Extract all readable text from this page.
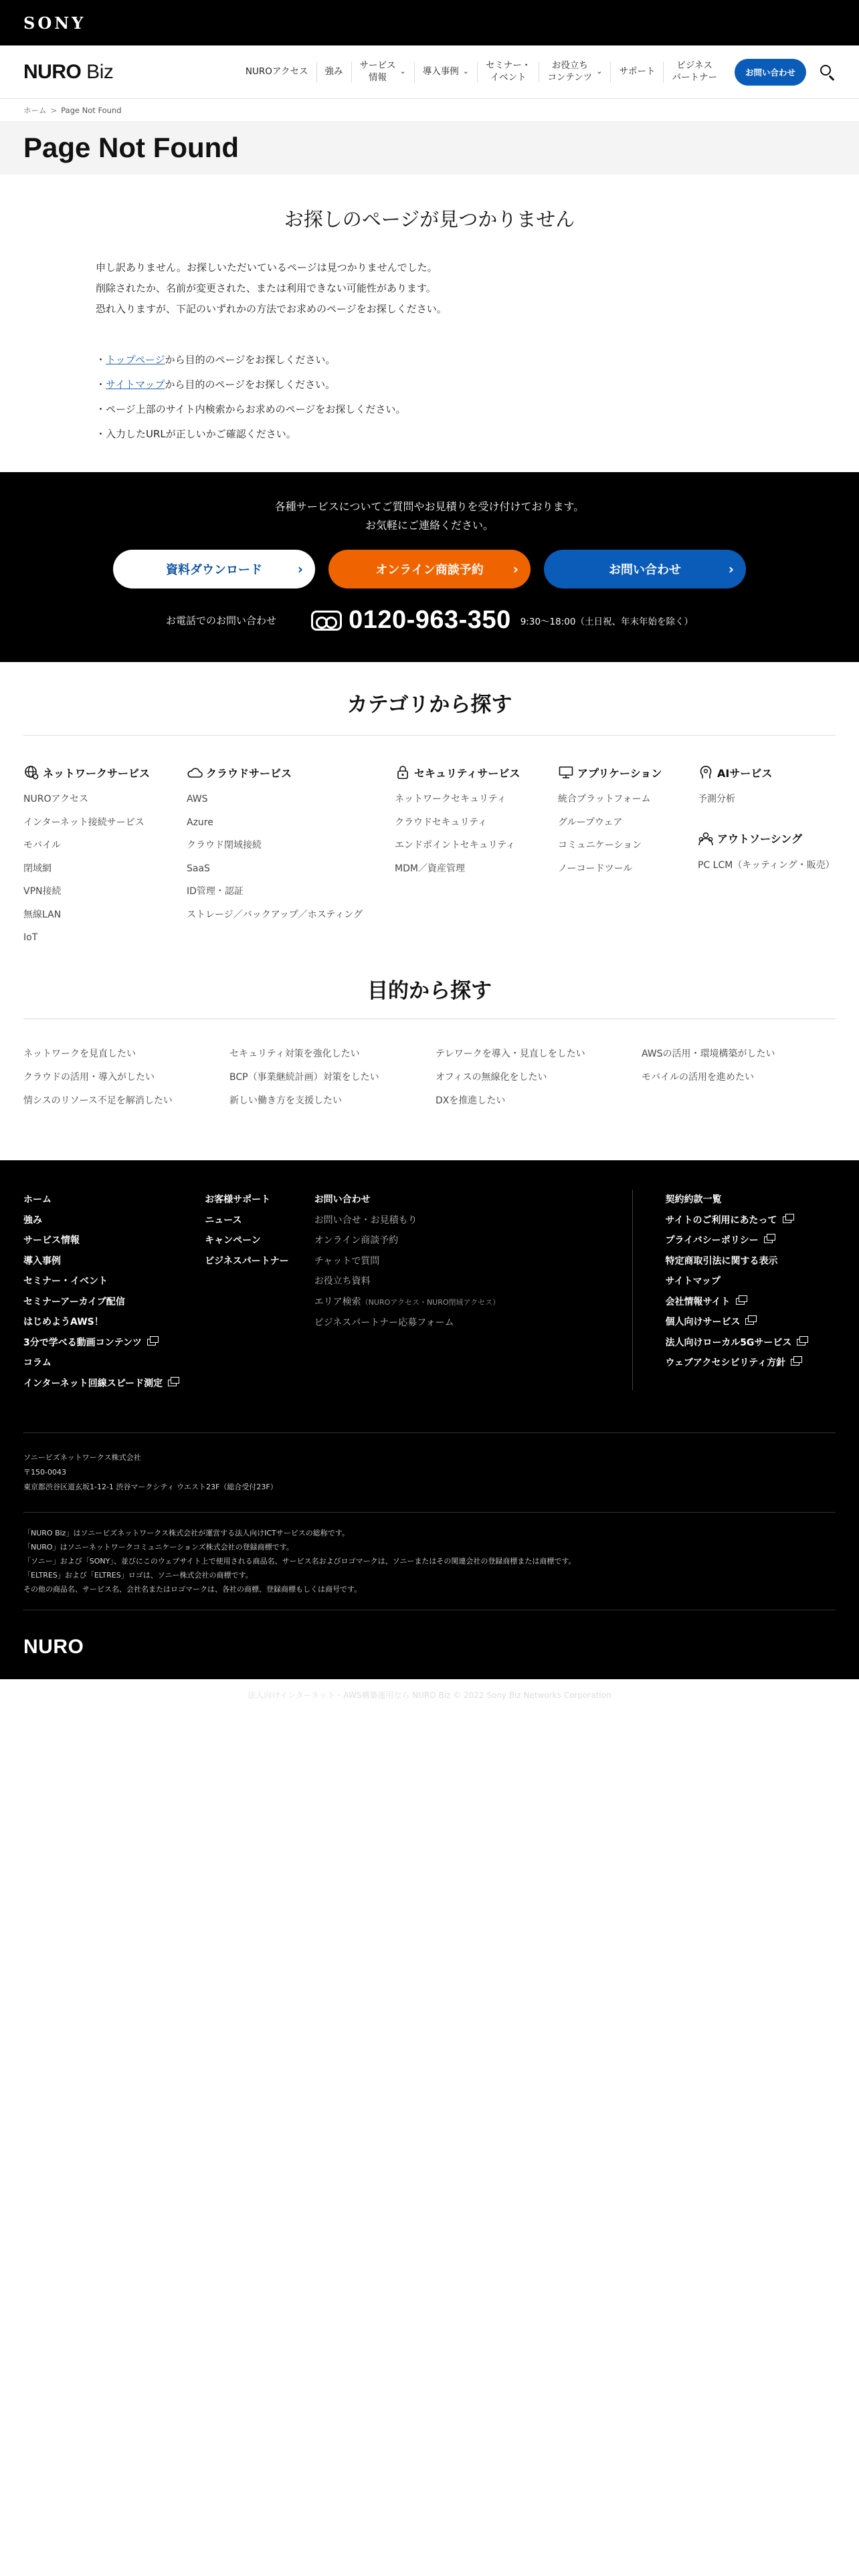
SONY
NURO Biz	NUROアクセス 強み
サービス
情報
⌄ 導入事例 ⌄
セミナー・
イベント
お役立ち
コンテンツ
⌄ サポート
ビジネス
パートナー	お問い合わせ
ホーム > Page Not Found
Page Not Found
お探しのページが見つかりません

申し訳ありません。お探しいただいているページは見つかりませんでした。

削除されたか、名前が変更された、または利用できない可能性があります。

恐れ入りますが、下記のいずれかの方法でお求めのページをお探しください。

・トップページから目的のページをお探しください。
・サイトマップから目的のページをお探しください。
・ページ上部のサイト内検索からお求めのページをお探しください。
・入力したURLが正しいかご確認ください。
各種サービスについてご質問やお見積りを受け付けております。
お気軽にご連絡ください。
資料ダウンロード	›	オンライン商談予約 ›	お問い合わせ	›
お電話でのお問い合わせ	0120-963-350 9:30〜18:00（土日祝、年末年始を除く）
カテゴリから探す
ネットワークサービス
NUROアクセス
インターネット接続サービス
モバイル
閉域網
VPN接続
無線LAN
IoT
クラウドサービス
AWS
Azure
クラウド閉域接続
SaaS
ID管理・認証
ストレージ／バックアップ／ホスティング
セキュリティサービス
ネットワークセキュリティ
クラウドセキュリティ
エンドポイントセキュリティ
MDM／資産管理
アプリケーション
統合プラットフォーム
グループウェア
コミュニケーション
ノーコードツール
AIサービス
予測分析
アウトソーシング
PC LCM（キッティング・販売）
目的から探す
ネットワークを見直したい	セキュリティ対策を強化したい	テレワークを導入・見直しをしたい	AWSの活用・環境構築がしたい
クラウドの活用・導入がしたい	BCP（事業継続計画）対策をしたい	オフィスの無線化をしたい	モバイルの活用を進めたい
情シスのリソース不足を解消したい	新しい働き方を支援したい	DXを推進したい
ホーム
強み
サービス情報
導入事例
セミナー・イベント
セミナーアーカイブ配信
はじめようAWS！
3分で学べる動画コンテンツ
コラム
インターネット回線スピード測定
お客様サポート
ニュース
キャンペーン
ビジネスパートナー
お問い合わせ
お問い合せ・お見積もり
オンライン商談予約
チャットで質問
お役立ち資料
エリア検索（NUROアクセス・NURO閉域アクセス）
ビジネスパートナー応募フォーム
契約約款一覧
サイトのご利用にあたって
プライバシーポリシー
特定商取引法に関する表示
サイトマップ
会社情報サイト
個人向けサービス
法人向けローカル5Gサービス
ウェブアクセシビリティ方針
ソニービズネットワークス株式会社
〒150-0043
東京都渋谷区道玄坂1-12-1 渋谷マークシティ ウエスト23F（総合受付23F）
「NURO Biz」はソニービズネットワークス株式会社が運営する法人向けICTサービスの総称です。
「NURO」はソニーネットワークコミュニケーションズ株式会社の登録商標です。
「ソニー」および「SONY」、並びにこのウェブサイト上で使用される商品名、サービス名およびロゴマークは、ソニーまたはその関連会社の登録商標または商標です。
「ELTRES」および「ELTRES」ロゴは、ソニー株式会社の商標です。
その他の商品名、サービス名、会社名またはロゴマークは、各社の商標、登録商標もしくは商号です。
NURO
法人向けインターネット・AWS構築運用なら NURO Biz © 2022 Sony Biz Networks Corporation
